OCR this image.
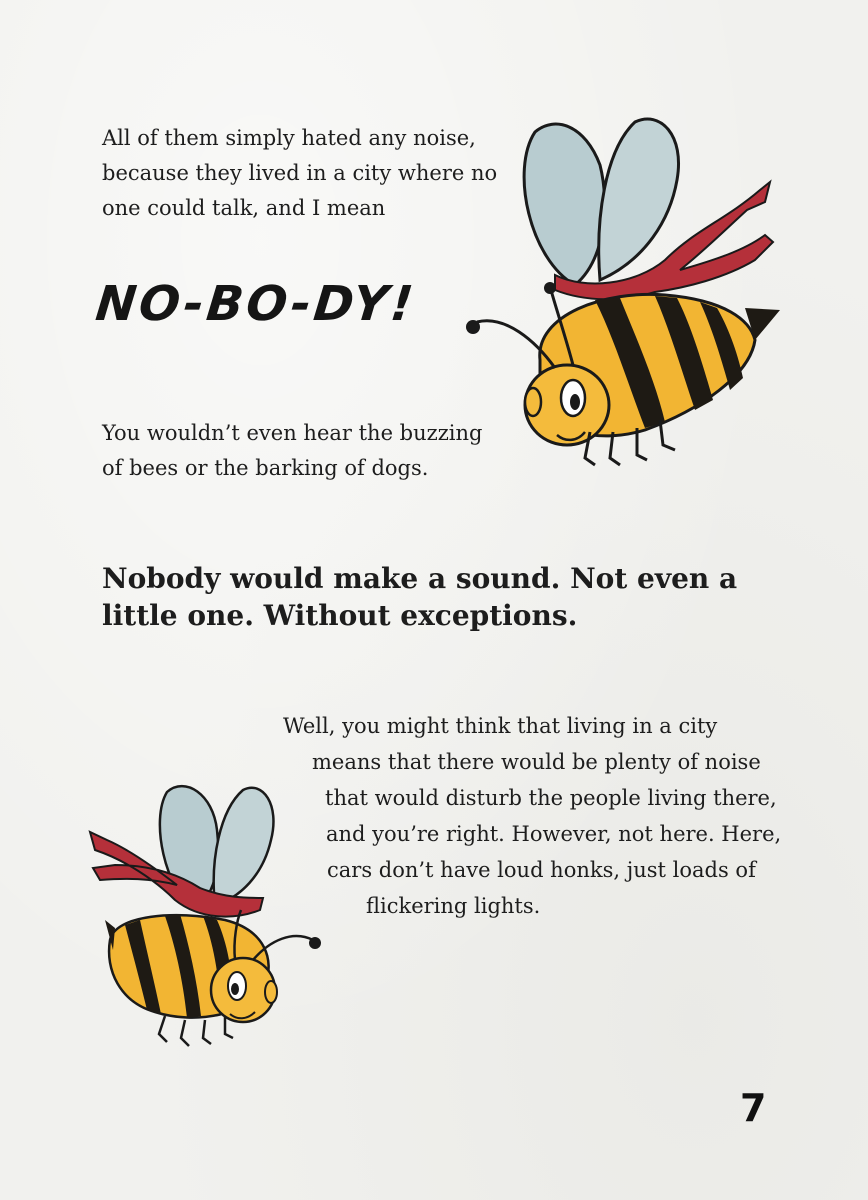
All of them simply hated any noise,
because they lived in a city where no
one could talk, and I mean

NO-BO-DY!

You wouldn’t even hear the buzzing
of bees or the barking of dogs.

Nobody would make a sound. Not even a
little one. Without exceptions.

Well, you might think that living in a city
means that there would be plenty of noise
that would disturb the people living there,
and you’re right. However, not here. Here,
cars don’t have loud honks, just loads of
flickering lights.
7
